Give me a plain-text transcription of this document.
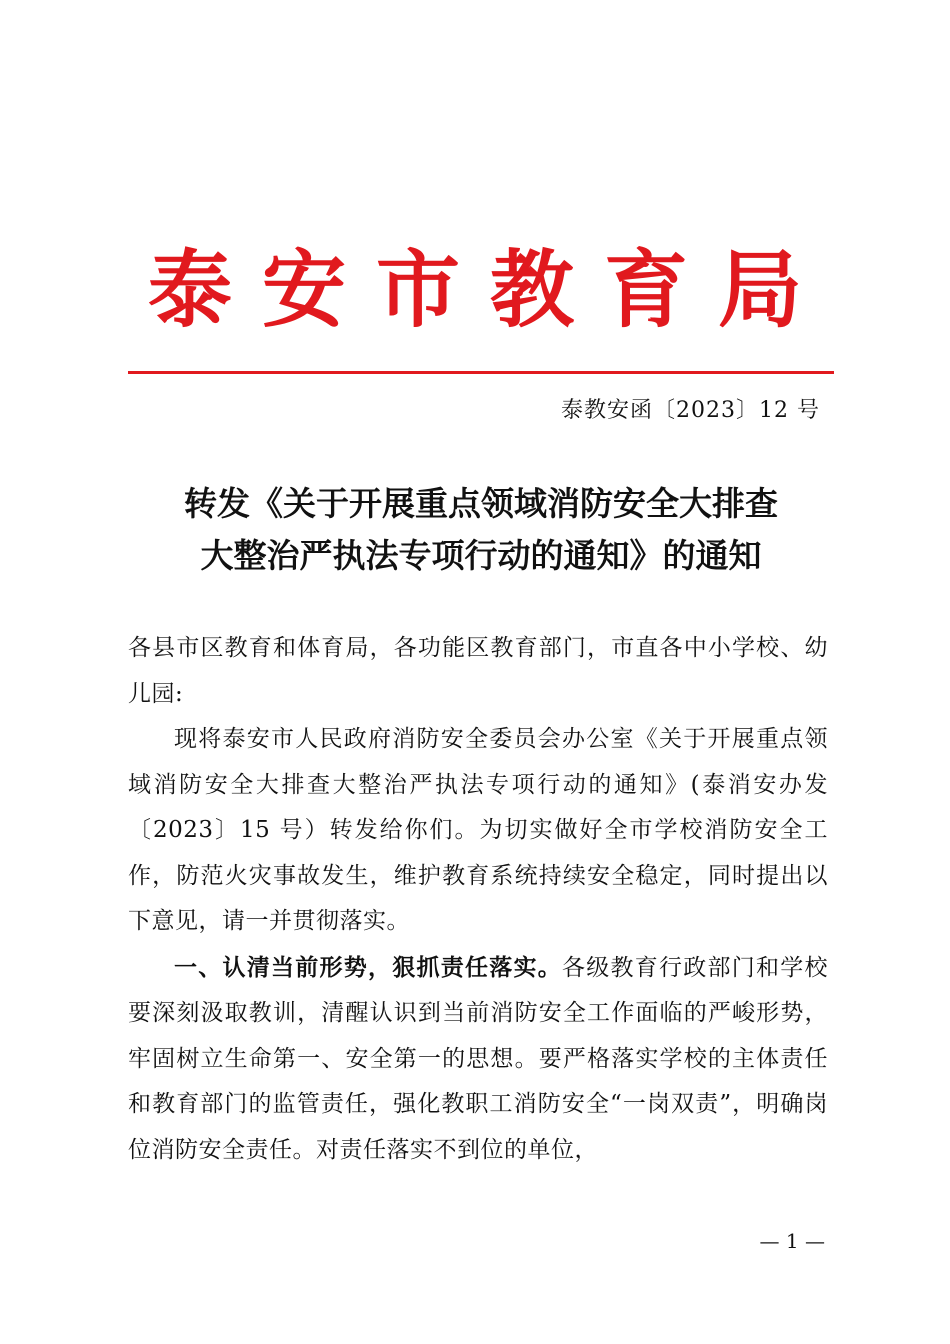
泰安市教育局
泰教安函〔2023〕12 号
转发《关于开展重点领域消防安全大排查
大整治严执法专项行动的通知》的通知

各县市区教育和体育局，各功能区教育部门，市直各中小学校、幼儿园:

现将泰安市人民政府消防安全委员会办公室《关于开展重点领域消防安全大排查大整治严执法专项行动的通知》(泰消安办发〔2023〕15 号）转发给你们。为切实做好全市学校消防安全工作，防范火灾事故发生，维护教育系统持续安全稳定，同时提出以下意见，请一并贯彻落实。

一、认清当前形势，狠抓责任落实。各级教育行政部门和学校要深刻汲取教训，清醒认识到当前消防安全工作面临的严峻形势，牢固树立生命第一、安全第一的思想。要严格落实学校的主体责任和教育部门的监管责任，强化教职工消防安全“一岗双责”，明确岗位消防安全责任。对责任落实不到位的单位，

— 1 —
